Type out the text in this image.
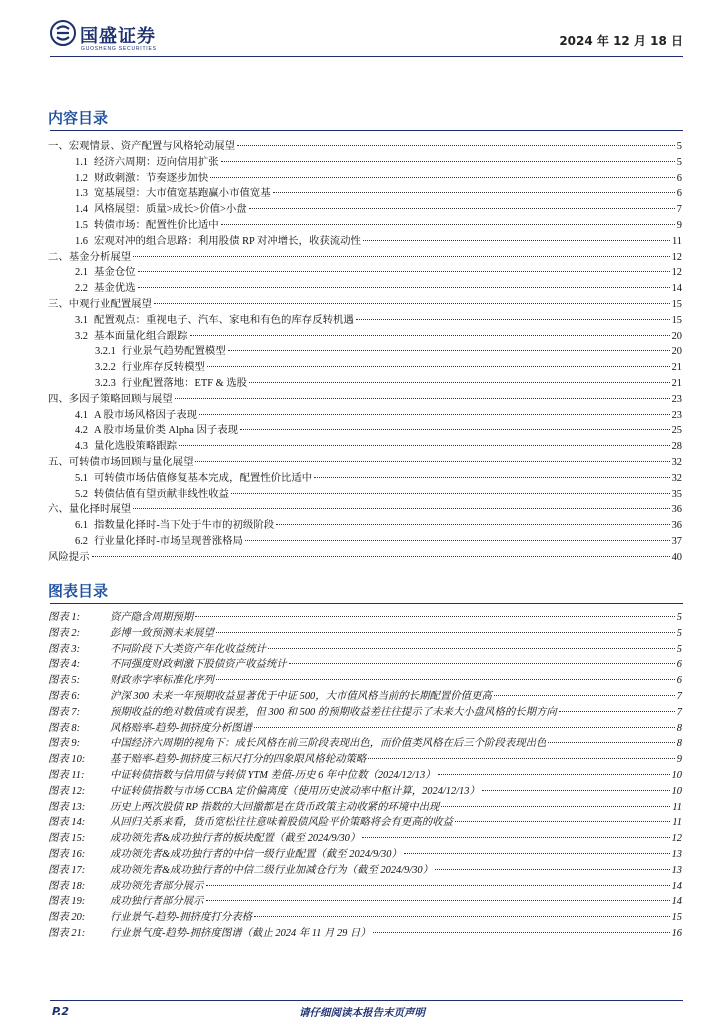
国盛证券
GUOSHENG SECURITIES
2024 年 12 月 18 日
内容目录
一、 宏观情景、资产配置与风格轮动展望	5
1.1 经济六周期：迈向信用扩张	5
1.2 财政刺激：节奏逐步加快	6
1.3 宽基展望：大市值宽基跑赢小市值宽基	6
1.4 风格展望：质量>成长>价值>小盘	7
1.5 转债市场：配置性价比适中	9
1.6 宏观对冲的组合思路：利用股债 RP 对冲增长，收获流动性	11
二、 基金分析展望	12
2.1 基金仓位	12
2.2 基金优选	14
三、 中观行业配置展望	15
3.1 配置观点：重视电子、汽车、家电和有色的库存反转机遇	15
3.2 基本面量化组合跟踪	20
3.2.1 行业景气趋势配置模型	20
3.2.2 行业库存反转模型	21
3.2.3 行业配置落地：ETF & 选股	21
四、 多因子策略回顾与展望	23
4.1 A 股市场风格因子表现	23
4.2 A 股市场量价类 Alpha 因子表现	25
4.3 量化选股策略跟踪	28
五、 可转债市场回顾与量化展望	32
5.1 可转债市场估值修复基本完成，配置性价比适中	32
5.2 转债估值有望贡献非线性收益	35
六、 量化择时展望	36
6.1 指数量化择时-当下处于牛市的初级阶段	36
6.2 行业量化择时-市场呈现普涨格局	37
风险提示	40
图表目录
图表 1:	资产隐含周期预期	5
图表 2:	彭博一致预测未来展望	5
图表 3:	不同阶段下大类资产年化收益统计	5
图表 4:	不同强度财政刺激下股债资产收益统计	6
图表 5:	财政赤字率标准化序列	6
图表 6:	沪深 300 未来一年预期收益显著优于中证 500，大市值风格当前的长期配置价值更高	7
图表 7:	预期收益的绝对数值或有误差，但 300 和 500 的预期收益差往往提示了未来大小盘风格的长期方向	7
图表 8:	风格赔率-趋势-拥挤度分析图谱	8
图表 9:	中国经济六周期的视角下：成长风格在前三阶段表现出色，而价值类风格在后三个阶段表现出色	8
图表 10:	基于赔率-趋势-拥挤度三标尺打分的四象限风格轮动策略	9
图表 11:	中证转债指数与信用债与转债 YTM 差值-历史 6 年中位数（2024/12/13）	10
图表 12:	中证转债指数与市场 CCBA 定价偏离度（使用历史波动率中枢计算，2024/12/13）	10
图表 13:	历史上两次股债 RP 指数的大回撤都是在货币政策主动收紧的环境中出现	11
图表 14:	从回归关系来看，货币宽松往往意味着股债风险平价策略将会有更高的收益	11
图表 15:	成功领先者&成功独行者的板块配置（截至 2024/9/30）	12
图表 16:	成功领先者&成功独行者的中信一级行业配置（截至 2024/9/30）	13
图表 17:	成功领先者&成功独行者的中信二级行业加减仓行为（截至 2024/9/30）	13
图表 18:	成功领先者部分展示	14
图表 19:	成功独行者部分展示	14
图表 20:	行业景气-趋势-拥挤度打分表格	15
图表 21:	行业景气度-趋势-拥挤度图谱（截止 2024 年 11 月 29 日）	16
P.2	请仔细阅读本报告末页声明
